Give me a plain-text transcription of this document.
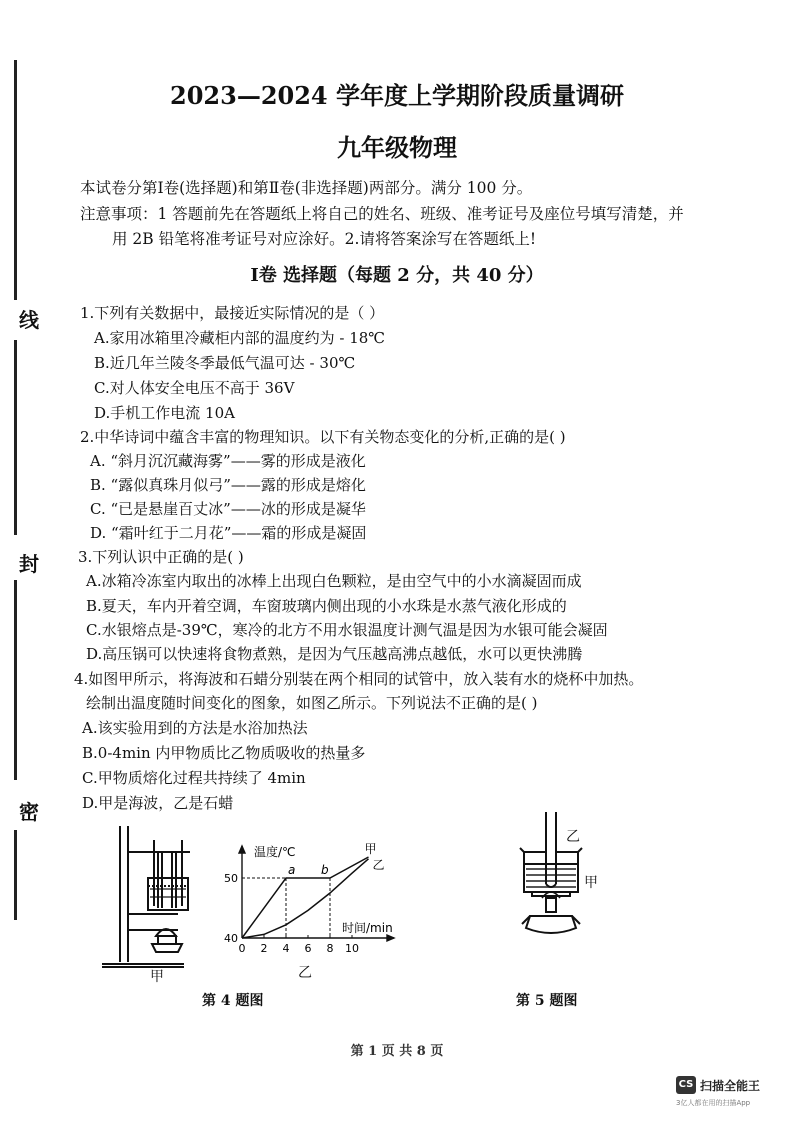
线
封
密
2023—2024 学年度上学期阶段质量调研
九年级物理
本试卷分第Ⅰ卷(选择题)和第Ⅱ卷(非选择题)两部分。满分 100 分。
注意事项：1 答题前先在答题纸上将自己的姓名、班级、准考证号及座位号填写清楚，并
用 2B 铅笔将准考证号对应涂好。2.请将答案涂写在答题纸上!
Ⅰ卷 选择题（每题 2 分，共 40 分）
1.下列有关数据中，最接近实际情况的是（ ）
A.家用冰箱里冷藏柜内部的温度约为 - 18℃
B.近几年兰陵冬季最低气温可达 - 30℃
C.对人体安全电压不高于 36V
D.手机工作电流 10A
2.中华诗词中蕴含丰富的物理知识。以下有关物态变化的分析,正确的是( )
A. “斜月沉沉藏海雾”——雾的形成是液化
B. “露似真珠月似弓”——露的形成是熔化
C. “已是悬崖百丈冰”——冰的形成是凝华
D. “霜叶红于二月花”——霜的形成是凝固
3.下列认识中正确的是( )
A.冰箱冷冻室内取出的冰棒上出现白色颗粒，是由空气中的小水滴凝固而成
B.夏天，车内开着空调，车窗玻璃内侧出现的小水珠是水蒸气液化形成的
C.水银熔点是-39℃，寒冷的北方不用水银温度计测气温是因为水银可能会凝固
D.高压锅可以快速将食物煮熟，是因为气压越高沸点越低，水可以更快沸腾
4.如图甲所示，将海波和石蜡分别装在两个相同的试管中，放入装有水的烧杯中加热。
绘制出温度随时间变化的图象，如图乙所示。下列说法不正确的是( )
A.该实验用到的方法是水浴加热法
B.0-4min 内甲物质比乙物质吸收的热量多
C.甲物质熔化过程共持续了 4min
D.甲是海波，乙是石蜡
甲
0 2 4 6 8 10
40
50
a b
甲
乙
温度/℃
时间/min
乙
第 4 题图
乙
甲
第 5 题图
第 1 页 共 8 页
CS 扫描全能王
3亿人都在用的扫描App
